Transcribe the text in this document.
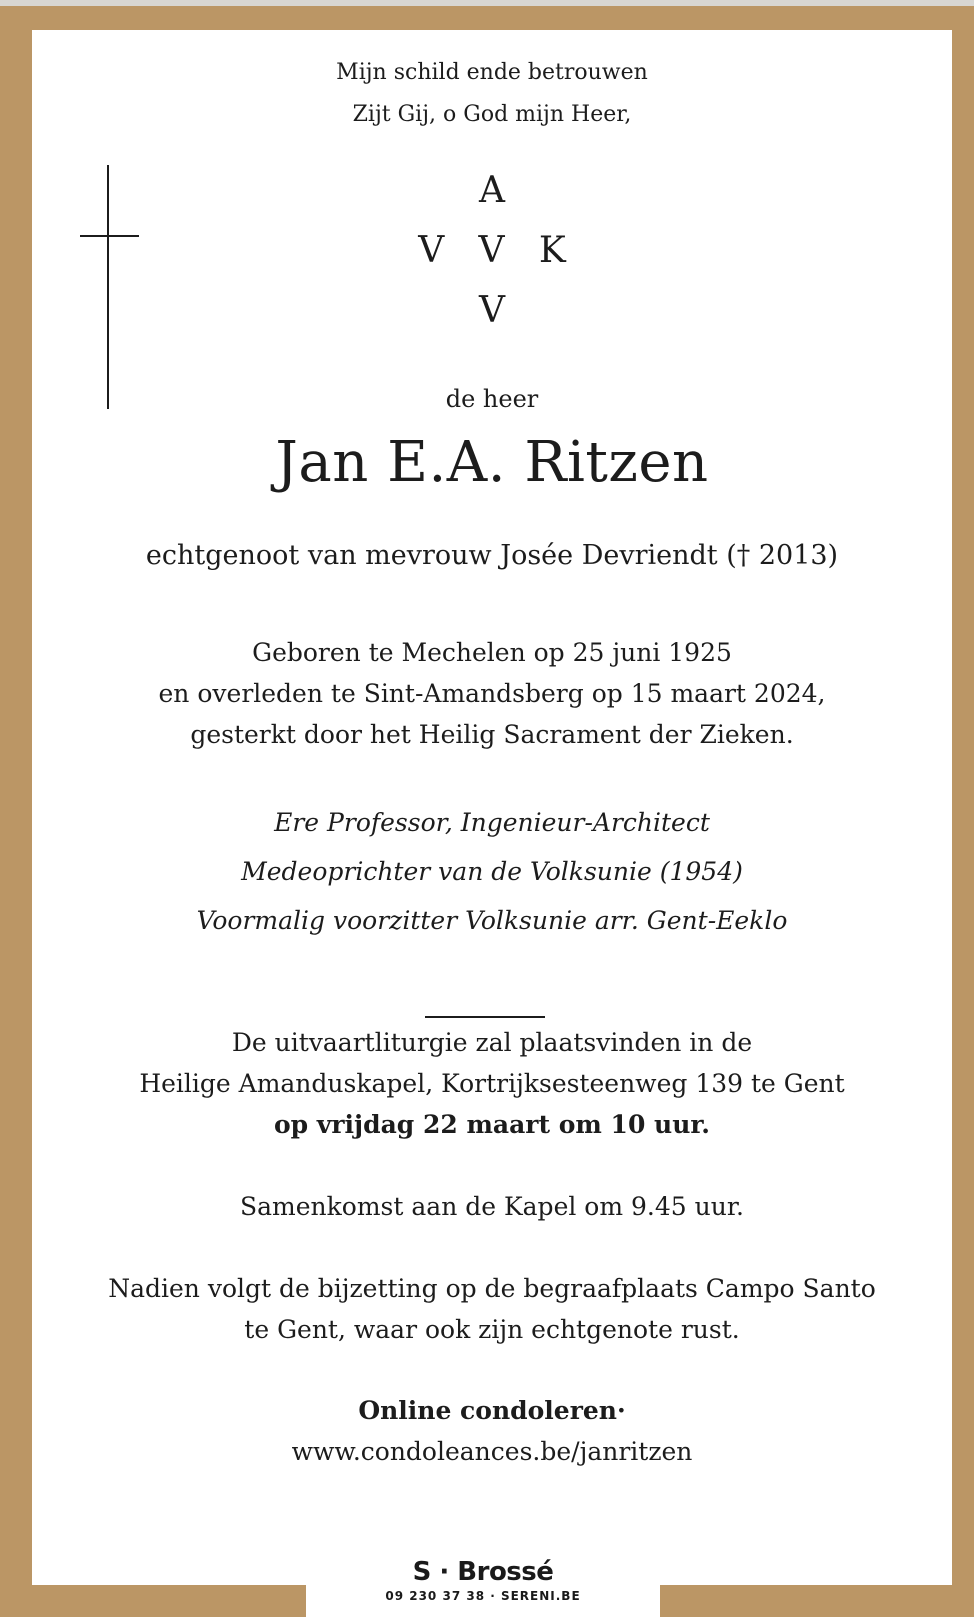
Mijn schild ende betrouwen
Zijt Gij, o God mijn Heer,
A
V   V   K
V
de heer
Jan E.A. Ritzen
echtgenoot van mevrouw Josée Devriendt († 2013)
Geboren te Mechelen op 25 juni 1925
en overleden te Sint-Amandsberg op 15 maart 2024,
gesterkt door het Heilig Sacrament der Zieken.
Ere Professor, Ingenieur-Architect
Medeoprichter van de Volksunie (1954)
Voormalig voorzitter Volksunie arr. Gent-Eeklo
De uitvaartliturgie zal plaatsvinden in de
Heilige Amanduskapel, Kortrijksesteenweg 139 te Gent
op vrijdag 22 maart om 10 uur.
Samenkomst aan de Kapel om 9.45 uur.
Nadien volgt de bijzetting op de begraafplaats Campo Santo
te Gent, waar ook zijn echtgenote rust.
Online condoleren·
www.condoleances.be/janritzen
S · Brossé
09 230 37 38 · SERENI.BE
